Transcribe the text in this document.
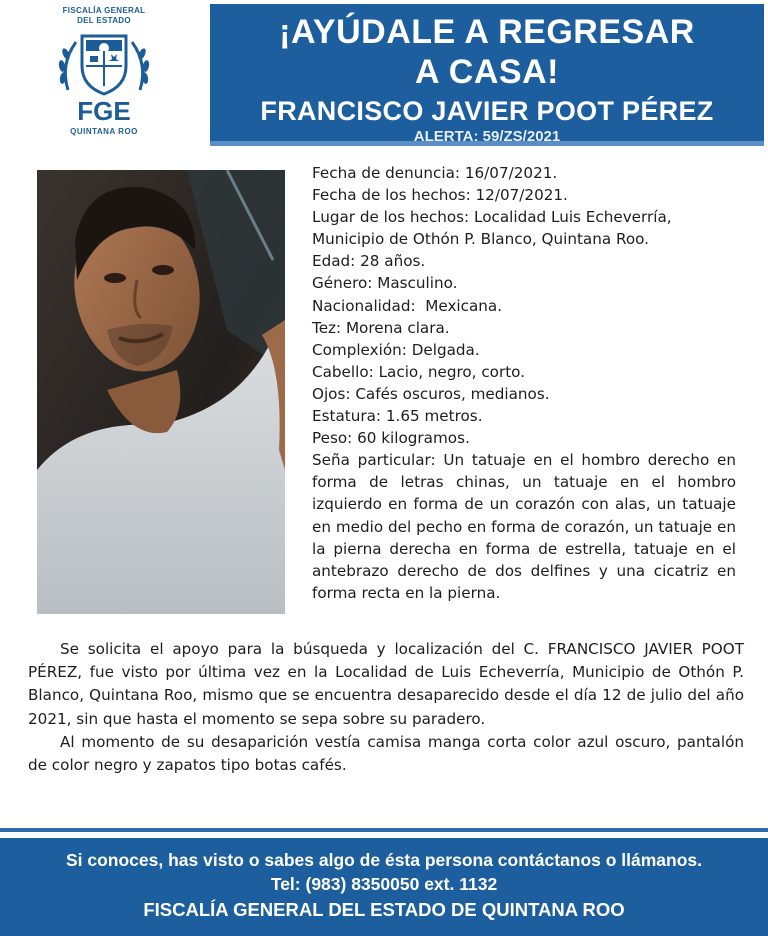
FISCALÍA GENERAL
DEL ESTADO
FGE
QUINTANA ROO
¡AYÚDALE A REGRESAR
A CASA!
FRANCISCO JAVIER POOT PÉREZ
ALERTA: 59/ZS/2021
Fecha de denuncia: 16/07/2021.
Fecha de los hechos: 12/07/2021.
Lugar de los hechos: Localidad Luis Echeverría,
Municipio de Othón P. Blanco, Quintana Roo.
Edad: 28 años.
Género: Masculino.
Nacionalidad:  Mexicana.
Tez: Morena clara.
Complexión: Delgada.
Cabello: Lacio, negro, corto.
Ojos: Cafés oscuros, medianos.
Estatura: 1.65 metros.
Peso: 60 kilogramos.
Seña particular: Un tatuaje en el hombro derecho en forma de letras chinas, un tatuaje en el hombro izquierdo en forma de un corazón con alas, un tatuaje en medio del pecho en forma de corazón, un tatuaje en la pierna derecha en forma de estrella, tatuaje en el antebrazo derecho de dos delfines y una cicatriz en forma recta en la pierna.

Se solicita el apoyo para la búsqueda y localización del C. FRANCISCO JAVIER POOT PÉREZ, fue visto por última vez en la Localidad de Luis Echeverría, Municipio de Othón P. Blanco, Quintana Roo, mismo que se encuentra desaparecido desde el día 12 de julio del año 2021, sin que hasta el momento se sepa sobre su paradero.

Al momento de su desaparición vestía camisa manga corta color azul oscuro, pantalón de color negro y zapatos tipo botas cafés.

Si conoces, has visto o sabes algo de ésta persona contáctanos o llámanos.
Tel: (983) 8350050 ext. 1132
FISCALÍA GENERAL DEL ESTADO DE QUINTANA ROO
